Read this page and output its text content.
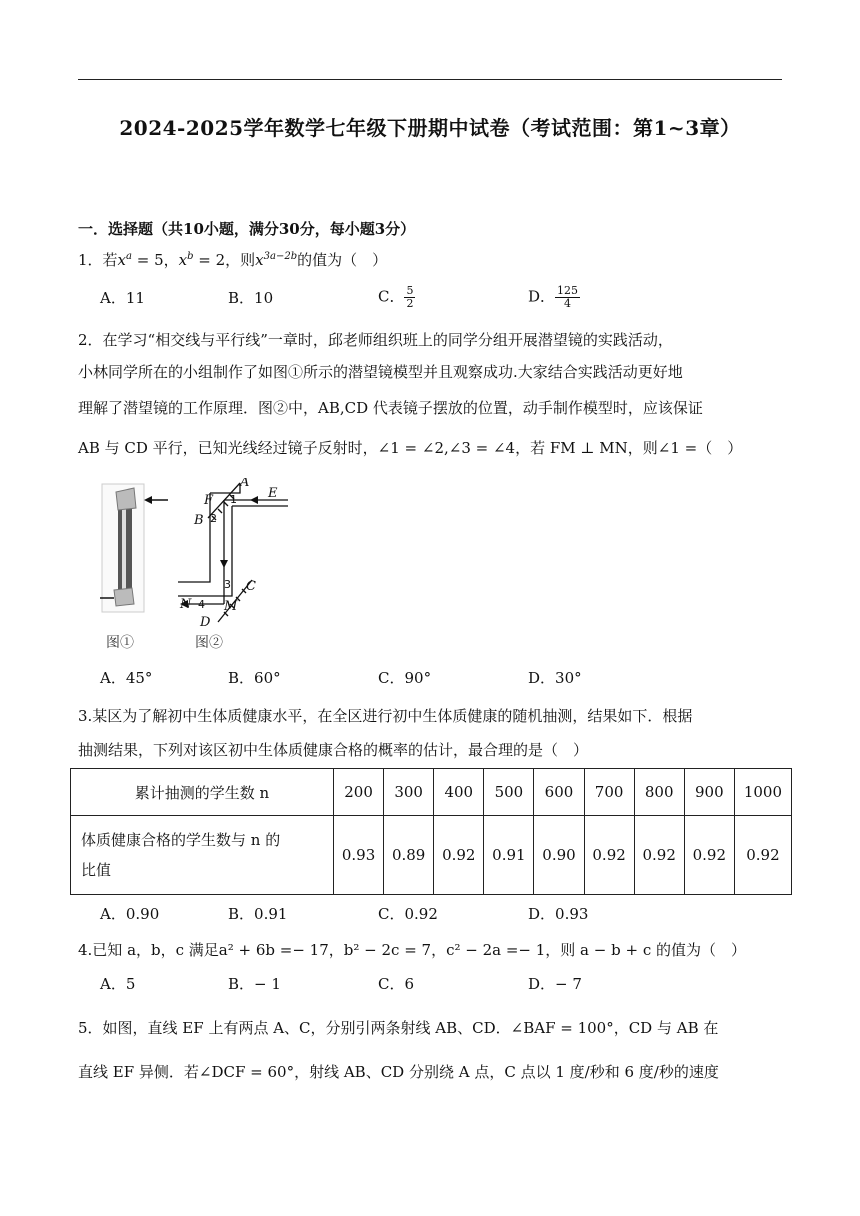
2024-2025学年数学七年级下册期中试卷（考试范围：第1~3章）
一．选择题（共10小题，满分30分，每小题3分）
1．若$x^a = 5$，$x^b = 2$，则$x^{3a-2b}$的值为（　）
A．11	B．10	C． $\frac{5}{2}$	D． $\frac{125}{4}$
2．在学习“相交线与平行线”一章时，邱老师组织班上的同学分组开展潜望镜的实践活动，
小林同学所在的小组制作了如图①所示的潜望镜模型并且观察成功.大家结合实践活动更好地
理解了潜望镜的工作原理．图②中，AB,CD 代表镜子摆放的位置，动手制作模型时，应该保证
AB 与 CD 平行，已知光线经过镜子反射时，∠1 = ∠2,∠3 = ∠4，若 FM ⊥ MN，则∠1 =（　）
A
E
F
B
C
N	M
D
1
2
3
4
图①	图②
A．45°	B．60°	C．90°	D．30°
3.某区为了解初中生体质健康水平，在全区进行初中生体质健康的随机抽测，结果如下．根据
抽测结果，下列对该区初中生体质健康合格的概率的估计，最合理的是（　）
累计抽测的学生数 n	200	300	400	500	600	700	800	900	1000

体质健康合格的学生数与 n 的
比值	0.93	0.89	0.92	0.91	0.90	0.92	0.92	0.92	0.92
A．0.90	B．0.91	C．0.92	D．0.93
4.已知 a，b，c 满足a² + 6b =− 17，b² − 2c = 7，c² − 2a =− 1，则 a − b + c 的值为（　）
A．5	B．− 1	C．6	D．− 7
5．如图，直线 EF 上有两点 A、C，分别引两条射线 AB、CD．∠BAF = 100°，CD 与 AB 在
直线 EF 异侧．若∠DCF = 60°，射线 AB、CD 分别绕 A 点，C 点以 1 度/秒和 6 度/秒的速度
